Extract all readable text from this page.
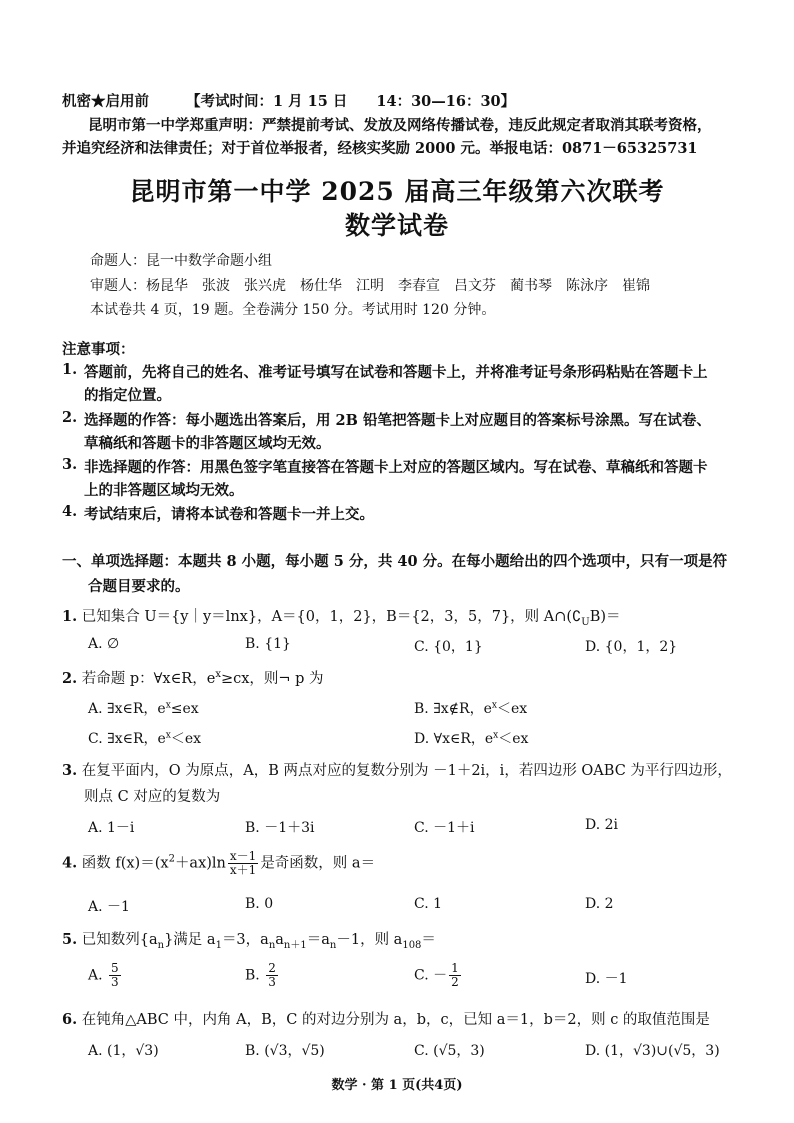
机密★启用前	【考试时间：1 月 15 日　　14：30—16：30】
昆明市第一中学郑重声明：严禁提前考试、发放及网络传播试卷，违反此规定者取消其联考资格，
并追究经济和法律责任；对于首位举报者，经核实奖励 2000 元。举报电话：0871－65325731
昆明市第一中学 2025 届高三年级第六次联考
数学试卷
命题人：昆一中数学命题小组
审题人：杨昆华　张波　张兴虎　杨仕华　江明　李春宣　吕文芬　蔺书琴　陈泳序　崔锦
本试卷共 4 页，19 题。全卷满分 150 分。考试用时 120 分钟。
注意事项：
1. 答题前，先将自己的姓名、准考证号填写在试卷和答题卡上，并将准考证号条形码粘贴在答题卡上
的指定位置。
2. 选择题的作答：每小题选出答案后，用 2B 铅笔把答题卡上对应题目的答案标号涂黑。写在试卷、
草稿纸和答题卡的非答题区域均无效。
3. 非选择题的作答：用黑色签字笔直接答在答题卡上对应的答题区域内。写在试卷、草稿纸和答题卡
上的非答题区域均无效。
4. 考试结束后，请将本试卷和答题卡一并上交。
一、单项选择题：本题共 8 小题，每小题 5 分，共 40 分。在每小题给出的四个选项中，只有一项是符
合题目要求的。
1. 已知集合 U＝{y｜y＝lnx}，A＝{0，1，2}，B＝{2，3，5，7}，则 $A\cap(∁_UB)=$
A. ∅	B. {1}	C. {0，1}	D. {0，1，2}
2. 若命题 p：∀x∈R，$e^x\ge cx$，则¬ p 为
A. ∃x∈R，$e^x\le ex$	B. ∃x∉R，$e^x<ex$
C. ∃x∈R，$e^x<ex$	D. ∀x∈R，$e^x<ex$
3. 在复平面内，O 为原点，A，B 两点对应的复数分别为 －1＋2i，i，若四边形 OABC 为平行四边形，
则点 C 对应的复数为
A. 1－i	B. －1＋3i	C. －1＋i	D. 2i
4. 函数 $f(x)=(x^2+ax)\ln \frac{x-1}{x+1}$ 是奇函数，则 a＝
A. －1	B. 0	C. 1	D. 2
5. 已知数列$\{a_n\}$满足 $a_1=3$，$a_na_{n+1}=a_n-1$，则 $a_{108}=$
A. $\frac{5}{3}$	B. $\frac{2}{3}$	C. － $\frac{1}{2}$	D. －1
6. 在钝角△ABC 中，内角 A，B，C 的对边分别为 a，b，c，已知 a＝1，b＝2，则 c 的取值范围是
A. (1，√3)	B. (√3，√5)	C. (√5，3)	D. (1，√3)∪(√5，3)
数学 · 第 1 页(共4页)
